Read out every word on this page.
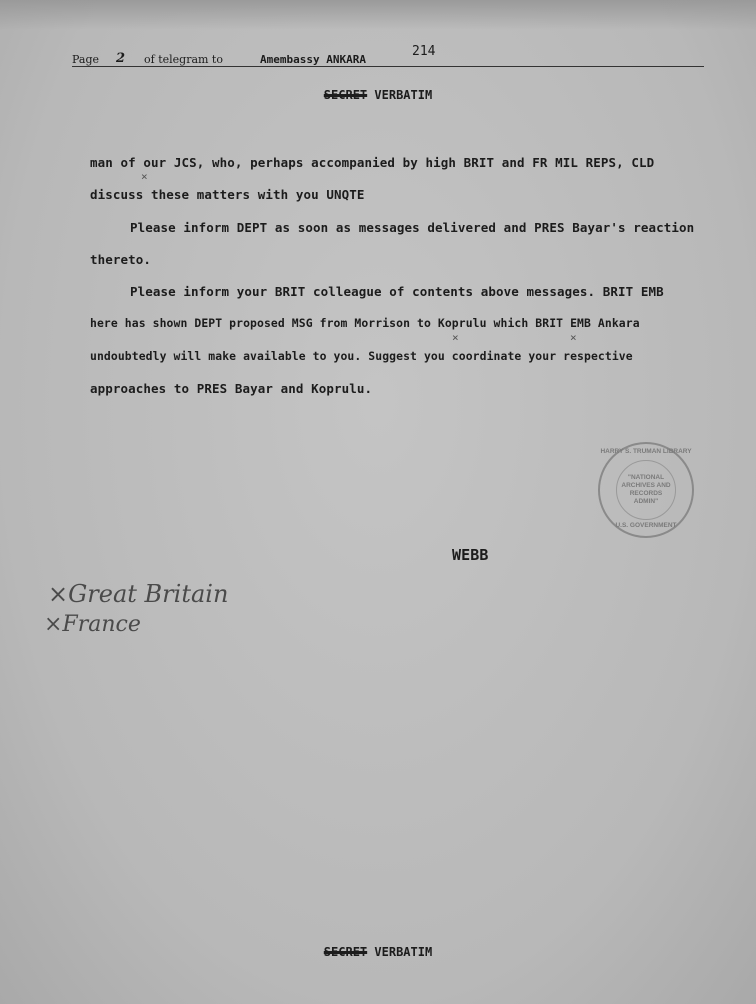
Page 2 of telegram to	Amembassy ANKARA
214
SECRET VERBATIM
man of our JCS, who, perhaps accompanied by high BRIT and FR MIL REPS, CLD
×
discuss these matters with you UNQTE
Please inform DEPT as soon as messages delivered and PRES Bayar's reaction
thereto.
Please inform your BRIT colleague of contents above messages. BRIT EMB
here has shown DEPT proposed MSG from Morrison to Koprulu which BRIT EMB Ankara
×	×
undoubtedly will make available to you. Suggest you coordinate your respective
approaches to PRES Bayar and Koprulu.
HARRY S. TRUMAN LIBRARY
"NATIONAL
ARCHIVES AND
RECORDS
ADMIN"
U.S. GOVERNMENT
WEBB
×Great Britain
×France
SECRET VERBATIM
